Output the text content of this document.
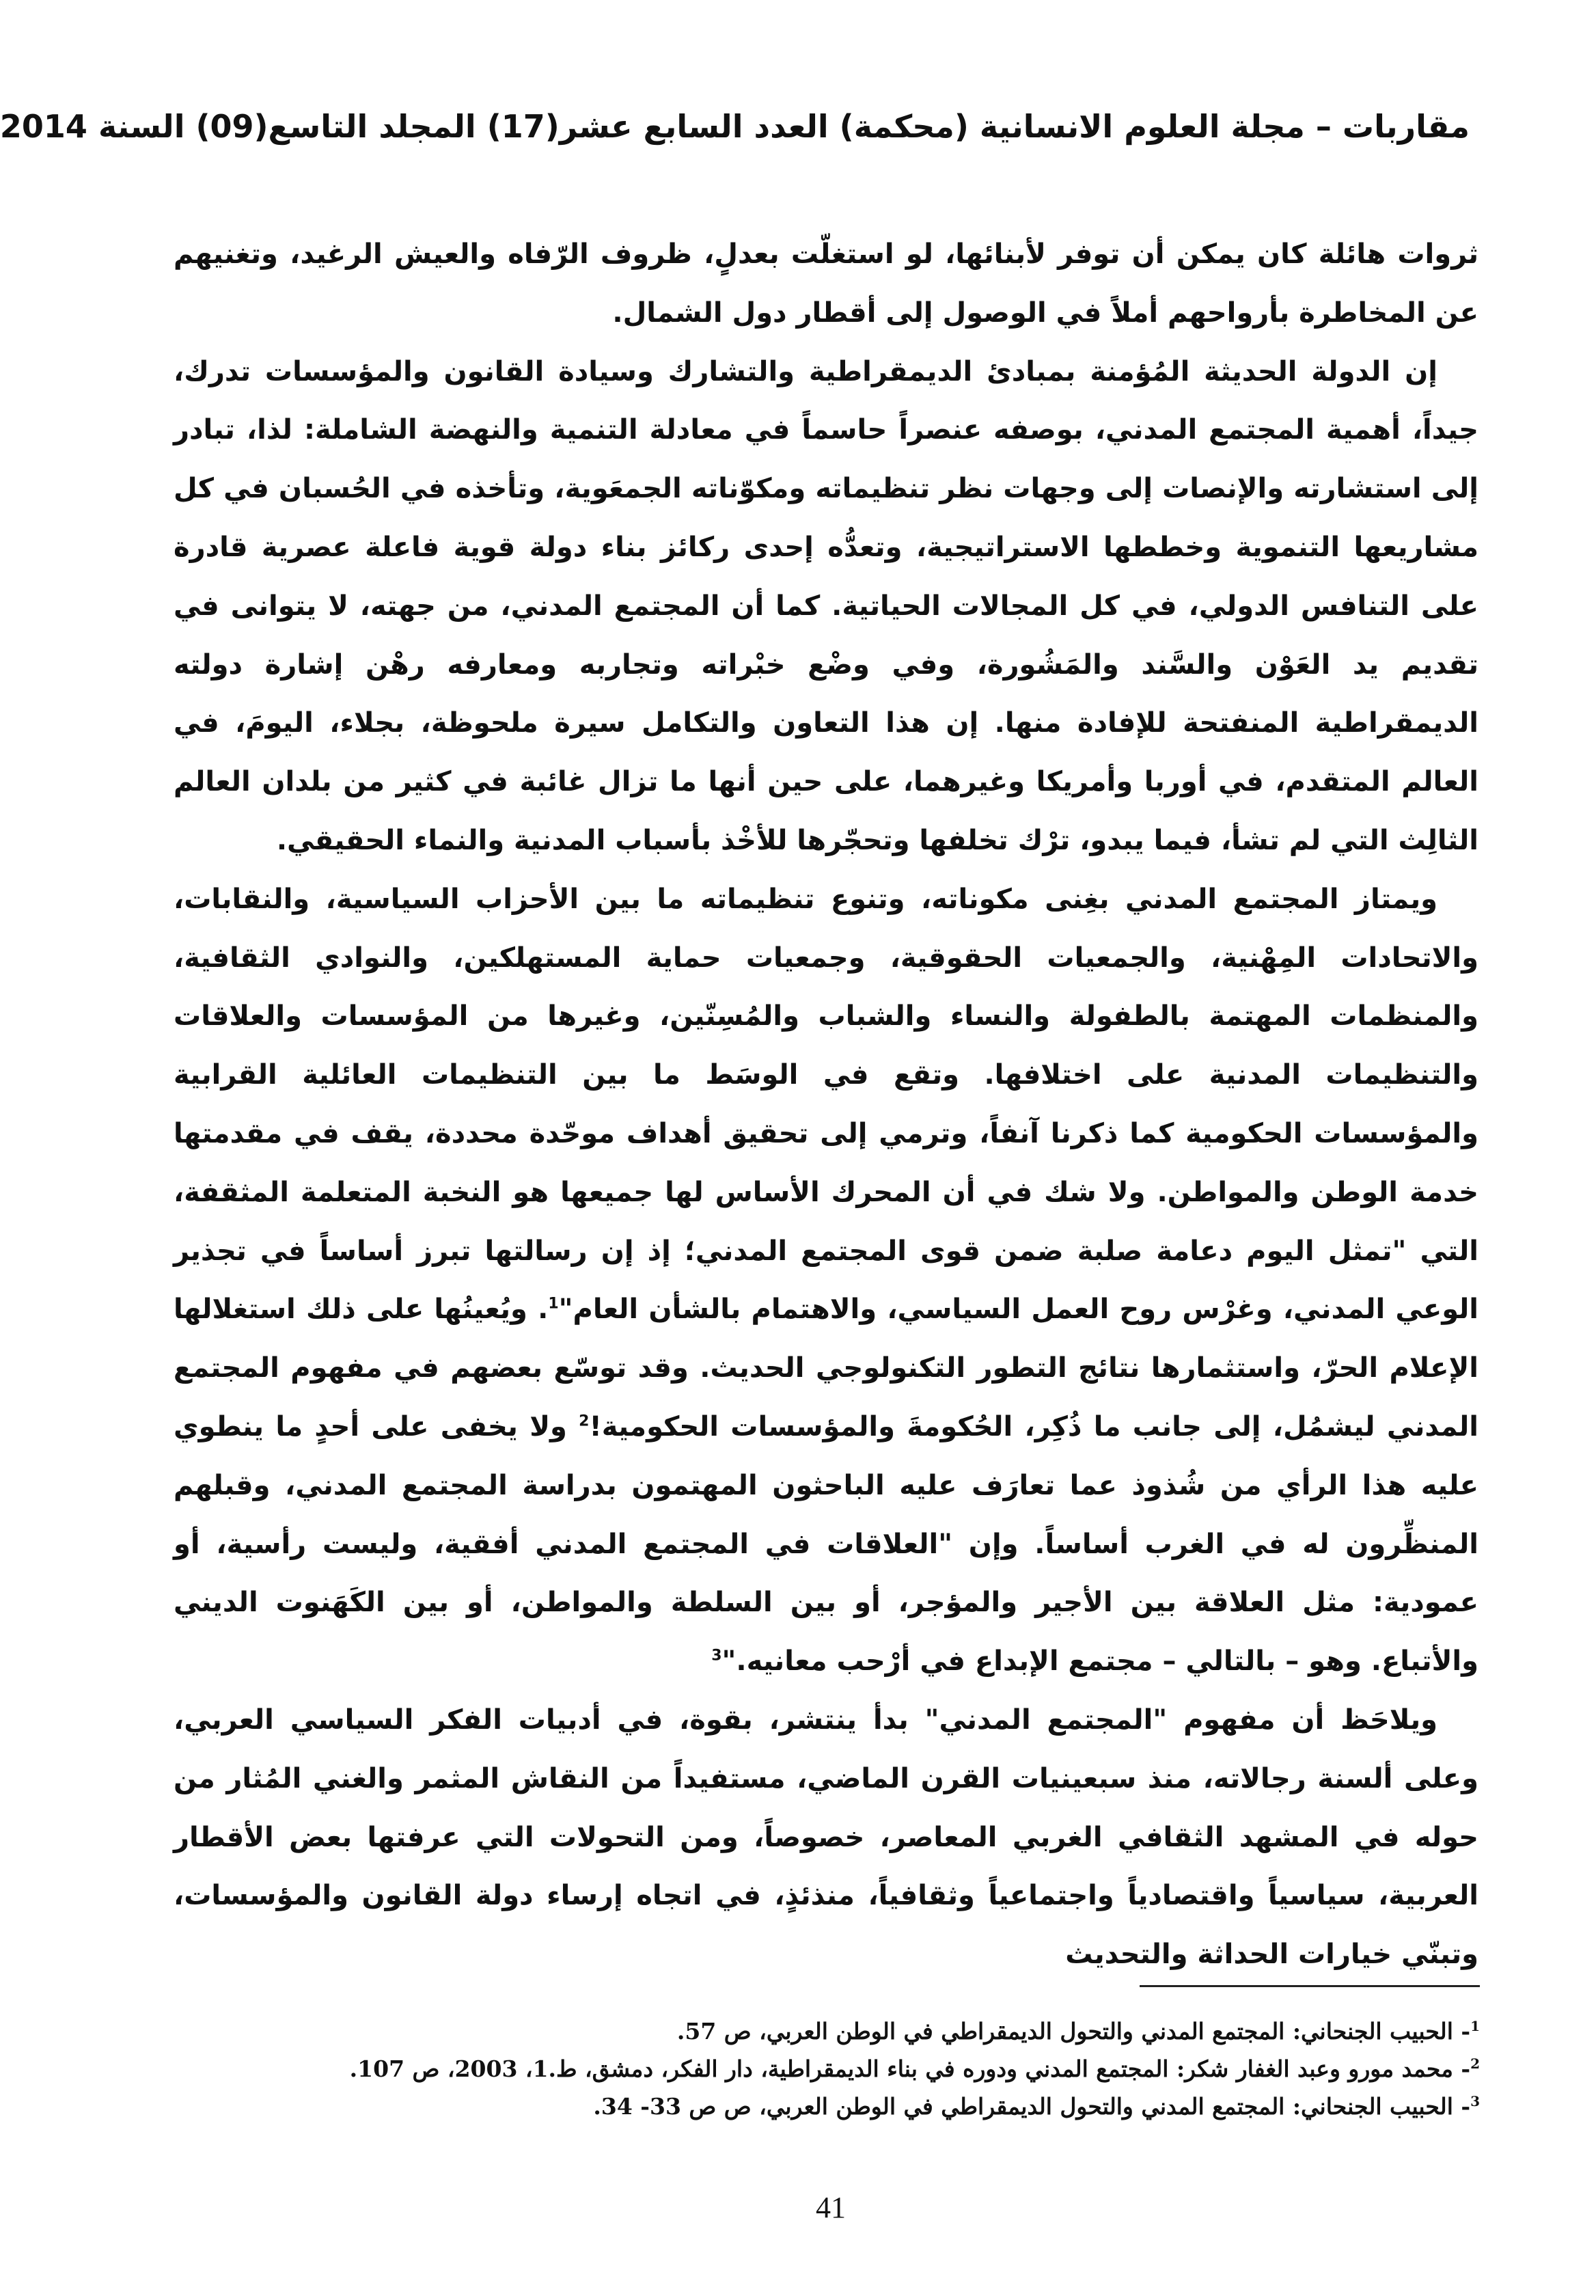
مقاربات – مجلة العلوم الانسانية (محكمة) العدد السابع عشر(17) المجلد التاسع(09) السنة 2014

ثروات هائلة كان يمكن أن توفر لأبنائها، لو استغلّت بعدلٍ، ظروف الرّفاه والعيش الرغيد، وتغنيهم عن المخاطرة بأرواحهم أملاً في الوصول إلى أقطار دول الشمال.

إن الدولة الحديثة المُؤمنة بمبادئ الديمقراطية والتشارك وسيادة القانون والمؤسسات تدرك، جيداً، أهمية المجتمع المدني، بوصفه عنصراً حاسماً في معادلة التنمية والنهضة الشاملة: لذا، تبادر إلى استشارته والإنصات إلى وجهات نظر تنظيماته ومكوّناته الجمعَوية، وتأخذه في الحُسبان في كل مشاريعها التنموية وخططها الاستراتيجية، وتعدُّه إحدى ركائز بناء دولة قوية فاعلة عصرية قادرة على التنافس الدولي، في كل المجالات الحياتية. كما أن المجتمع المدني، من جهته، لا يتوانى في تقديم يد العَوْن والسَّند والمَشُورة، وفي وضْع خبْراته وتجاربه ومعارفه رهْن إشارة دولته الديمقراطية المنفتحة للإفادة منها. إن هذا التعاون والتكامل سيرة ملحوظة، بجلاء، اليومَ، في العالم المتقدم، في أوربا وأمريكا وغيرهما، على حين أنها ما تزال غائبة في كثير من بلدان العالم الثالِث التي لم تشأ، فيما يبدو، ترْك تخلفها وتحجّرها للأخْذ بأسباب المدنية والنماء الحقيقي.

ويمتاز المجتمع المدني بغِنى مكوناته، وتنوع تنظيماته ما بين الأحزاب السياسية، والنقابات، والاتحادات المِهْنية، والجمعيات الحقوقية، وجمعيات حماية المستهلكين، والنوادي الثقافية، والمنظمات المهتمة بالطفولة والنساء والشباب والمُسِنّين، وغيرها من المؤسسات والعلاقات والتنظيمات المدنية على اختلافها. وتقع في الوسَط ما بين التنظيمات العائلية القرابية والمؤسسات الحكومية كما ذكرنا آنفاً، وترمي إلى تحقيق أهداف موحّدة محددة، يقف في مقدمتها خدمة الوطن والمواطن. ولا شك في أن المحرك الأساس لها جميعها هو النخبة المتعلمة المثقفة، التي "تمثل اليوم دعامة صلبة ضمن قوى المجتمع المدني؛ إذ إن رسالتها تبرز أساساً في تجذير الوعي المدني، وغرْس روح العمل السياسي، والاهتمام بالشأن العام"$^1$. ويُعينُها على ذلك استغلالها الإعلام الحرّ، واستثمارها نتائج التطور التكنولوجي الحديث. وقد توسّع بعضهم في مفهوم المجتمع المدني ليشمُل، إلى جانب ما ذُكِر، الحُكومةَ والمؤسسات الحكومية!$^2$ ولا يخفى على أحدٍ ما ينطوي عليه هذا الرأي من شُذوذ عما تعارَف عليه الباحثون المهتمون بدراسة المجتمع المدني، وقبلهم المنظِّرون له في الغرب أساساً. وإن "العلاقات في المجتمع المدني أفقية، وليست رأسية، أو عمودية: مثل العلاقة بين الأجير والمؤجر، أو بين السلطة والمواطن، أو بين الكَهَنوت الديني والأتباع. وهو – بالتالي – مجتمع الإبداع في أرْحب معانيه."$^3$

ويلاحَظ أن مفهوم "المجتمع المدني" بدأ ينتشر، بقوة، في أدبيات الفكر السياسي العربي، وعلى ألسنة رجالاته، منذ سبعينيات القرن الماضي، مستفيداً من النقاش المثمر والغني المُثار من حوله في المشهد الثقافي الغربي المعاصر، خصوصاً، ومن التحولات التي عرفتها بعض الأقطار العربية، سياسياً واقتصادياً واجتماعياً وثقافياً، منذئذٍ، في اتجاه إرساء دولة القانون والمؤسسات، وتبنّي خيارات الحداثة والتحديث

$^1$- الحبيب الجنحاني: المجتمع المدني والتحول الديمقراطي في الوطن العربي، ص 57.

$^2$- محمد مورو وعبد الغفار شكر: المجتمع المدني ودوره في بناء الديمقراطية، دار الفكر، دمشق، ط.1، 2003، ص 107.

$^3$- الحبيب الجنحاني: المجتمع المدني والتحول الديمقراطي في الوطن العربي، ص ص 33- 34.

41
